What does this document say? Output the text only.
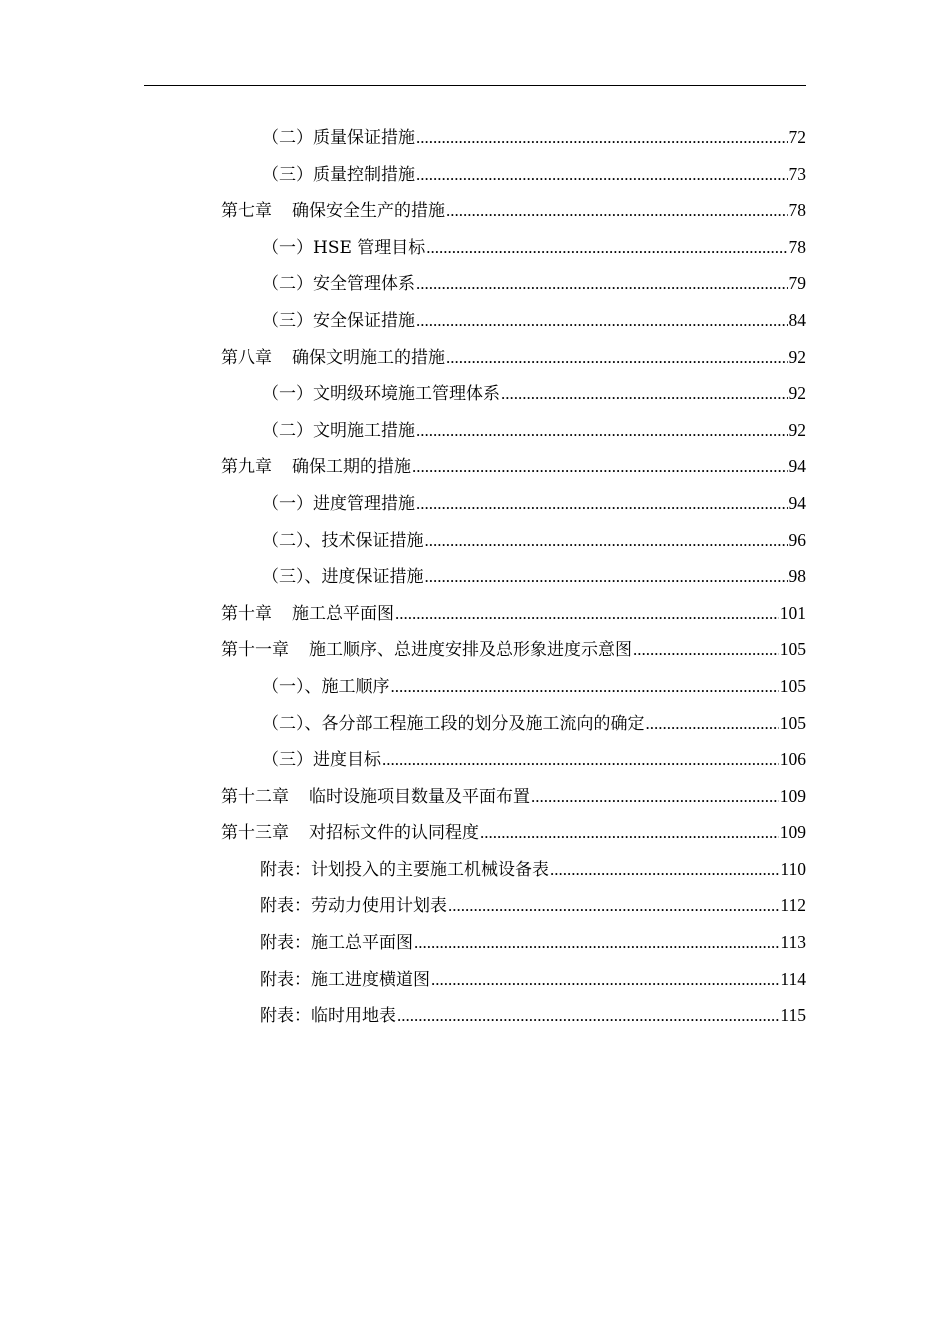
（二）质量保证措施 .....	72
（三）质量控制措施 .....	73
第七章 确保安全生产的措施 .....	78
（一）HSE 管理目标 .....	78
（二）安全管理体系 .....	79
（三）安全保证措施 .....	84
第八章 确保文明施工的措施 .....	92
（一）文明级环境施工管理体系 .....	92
（二）文明施工措施 .....	92
第九章 确保工期的措施 .....	94
（一）进度管理措施 .....	94
（二）、技术保证措施 .....	96
（三）、进度保证措施 .....	98
第十章 施工总平面图 .....	101
第十一章 施工顺序、总进度安排及总形象进度示意图 .....	105
（一）、施工顺序 .....	105
（二）、各分部工程施工段的划分及施工流向的确定 .....	105
（三）进度目标 .....	106
第十二章 临时设施项目数量及平面布置 .....	109
第十三章 对招标文件的认同程度 .....	109
附表：计划投入的主要施工机械设备表 .....	110
附表：劳动力使用计划表 .....	112
附表：施工总平面图 .....	113
附表：施工进度横道图 .....	114
附表：临时用地表 .....	115
